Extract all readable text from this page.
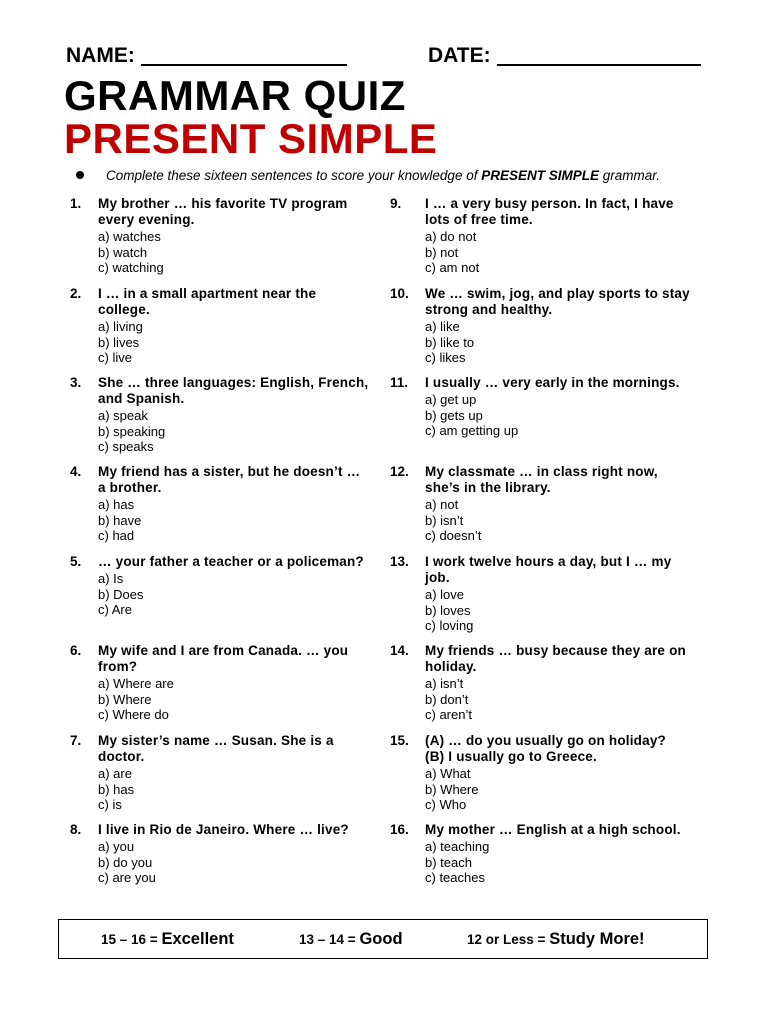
NAME:	DATE:
GRAMMAR QUIZ
PRESENT SIMPLE
Complete these sixteen sentences to score your knowledge of PRESENT SIMPLE grammar.
1. My brother … his favorite TV program every evening.
a) watches
b) watch
c) watching
2. I … in a small apartment near the college.
a) living
b) lives
c) live
3. She … three languages: English, French, and Spanish.
a) speak
b) speaking
c) speaks
4. My friend has a sister, but he doesn’t … a brother.
a) has
b) have
c) had
5. … your father a teacher or a policeman?
a) Is
b) Does
c) Are
6. My wife and I are from Canada. … you from?
a) Where are
b) Where
c) Where do
7. My sister’s name … Susan. She is a doctor.
a) are
b) has
c) is
8. I live in Rio de Janeiro. Where … live?
a) you
b) do you
c) are you
9. I … a very busy person. In fact, I have lots of free time.
a) do not
b) not
c) am not
10. We … swim, jog, and play sports to stay strong and healthy.
a) like
b) like to
c) likes
11. I usually … very early in the mornings.
a) get up
b) gets up
c) am getting up
12. My classmate … in class right now, she’s in the library.
a) not
b) isn’t
c) doesn’t
13. I work twelve hours a day, but I … my job.
a) love
b) loves
c) loving
14. My friends … busy because they are on holiday.
a) isn’t
b) don’t
c) aren’t
15. (A) … do you usually go on holiday?
(B) I usually go to Greece.
a) What
b) Where
c) Who
16. My mother … English at a high school.
a) teaching
b) teach
c) teaches
15 – 16 = Excellent	13 – 14 = Good	12 or Less = Study More!
